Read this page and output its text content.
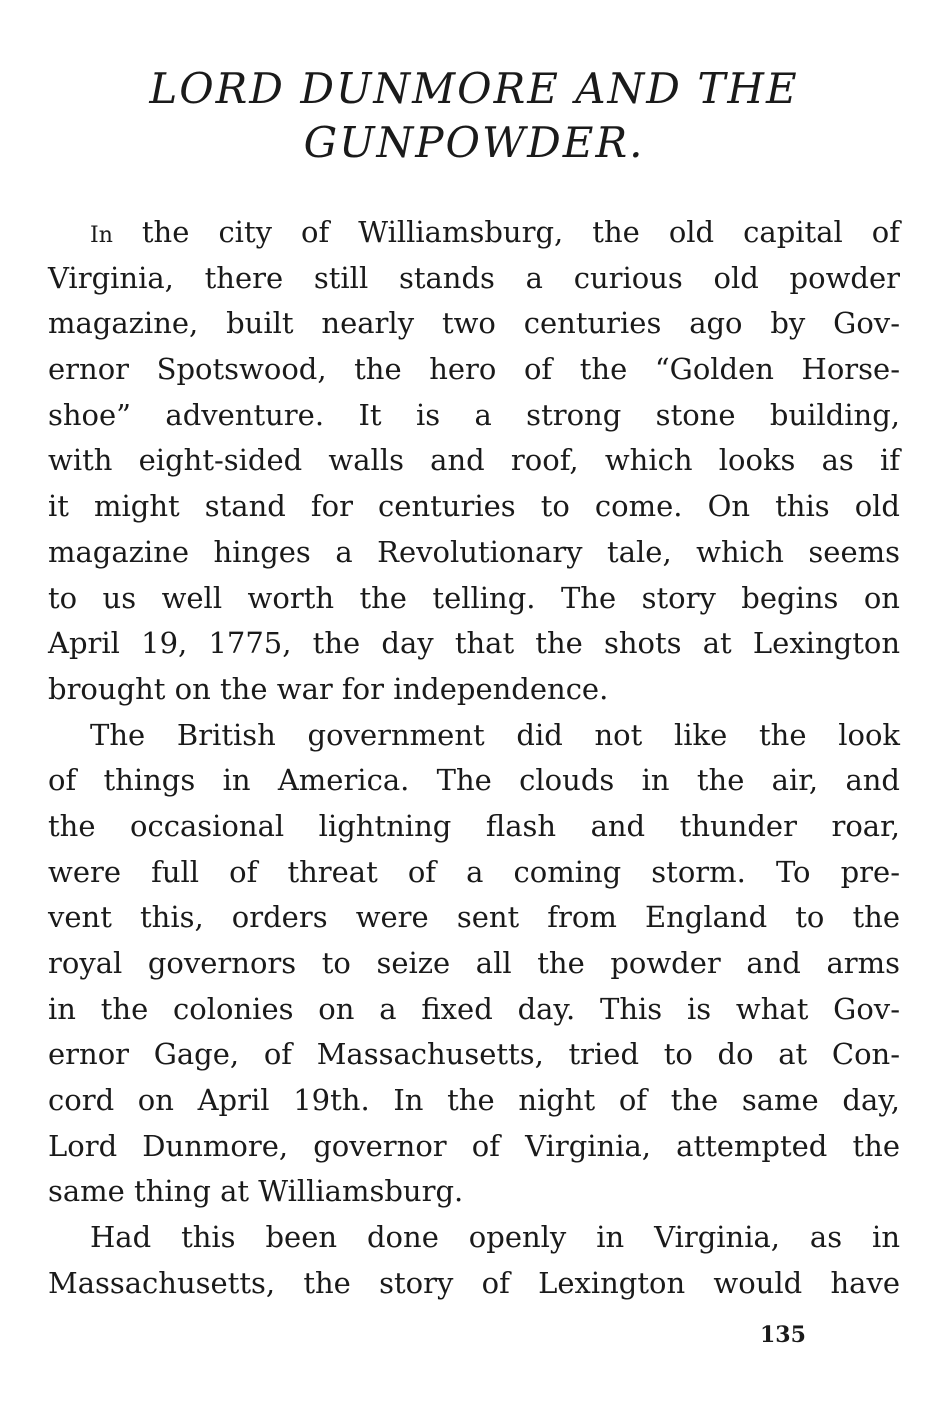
LORD DUNMORE AND THE
GUNPOWDER.

In the city of Williamsburg, the old capital of
Virginia, there still stands a curious old powder
magazine, built nearly two centuries ago by Gov-
ernor Spotswood, the hero of the “Golden Horse-
shoe” adventure. It is a strong stone building,
with eight-sided walls and roof, which looks as if
it might stand for centuries to come. On this old
magazine hinges a Revolutionary tale, which seems
to us well worth the telling. The story begins on
April 19, 1775, the day that the shots at Lexington
brought on the war for independence.

The British government did not like the look
of things in America. The clouds in the air, and
the occasional lightning flash and thunder roar,
were full of threat of a coming storm. To pre-
vent this, orders were sent from England to the
royal governors to seize all the powder and arms
in the colonies on a fixed day. This is what Gov-
ernor Gage, of Massachusetts, tried to do at Con-
cord on April 19th. In the night of the same day,
Lord Dunmore, governor of Virginia, attempted the
same thing at Williamsburg.

Had this been done openly in Virginia, as in
Massachusetts, the story of Lexington would have

135
